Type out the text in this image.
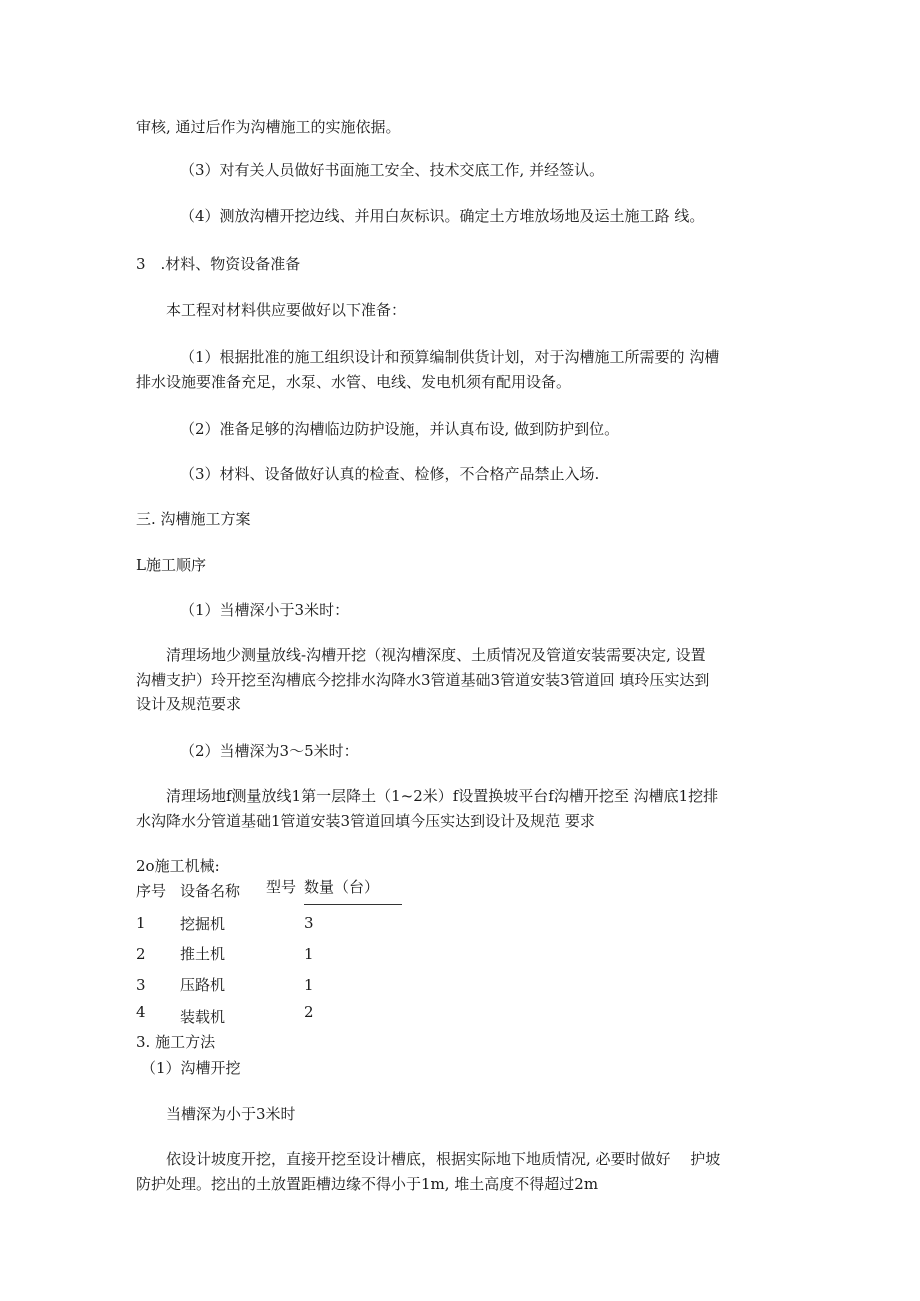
审核, 通过后作为沟槽施工的实施依据。
（3）对有关人员做好书面施工安全、技术交底工作, 并经签认。
（4）测放沟槽开挖边线、并用白灰标识。确定土方堆放场地及运土施工路 线。
3　.材料、物资设备准备
本工程对材料供应要做好以下准备：
（1）根据批准的施工组织设计和预算编制供货计划，对于沟槽施工所需要的 沟槽
排水设施要准备充足，水泵、水管、电线、发电机须有配用设备。
（2）准备足够的沟槽临边防护设施，并认真布设, 做到防护到位。
（3）材料、设备做好认真的检查、检修，不合格产品禁止入场.
三. 沟槽施工方案
L施工顺序
（1）当槽深小于3米时：
清理场地少测量放线-沟槽开挖（视沟槽深度、土质情况及管道安装需要决定, 设置
沟槽支护）玲开挖至沟槽底今挖排水沟降水3管道基础3管道安装3管道回 填玲压实达到
设计及规范要求
（2）当槽深为3～5米时：
清理场地f测量放线1第一层降土（1~2米）f设置换坡平台f沟槽开挖至 沟槽底1挖排
水沟降水分管道基础1管道安装3管道回填今压实达到设计及规范 要求
2o施工机械:
序号 设备名称 型号 数量（台）
1 挖掘机	3
2 推土机	1
3 压路机	1
4 装载机	2
3. 施工方法
（1）沟槽开挖
当槽深为小于3米时
依设计坡度开挖，直接开挖至设计槽底，根据实际地下地质情况, 必要时做好 　护坡
防护处理。挖出的土放置距槽边缘不得小于1m, 堆土高度不得超过2m
